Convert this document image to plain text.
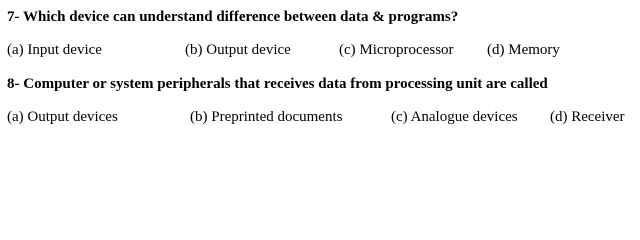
7- Which device can understand difference between data & programs?
(a) Input device	(b) Output device	(c) Microprocessor (d) Memory
8- Computer or system peripherals that receives data from processing unit are called
(a) Output devices	(b) Preprinted documents	(c) Analogue devices (d) Receiver
